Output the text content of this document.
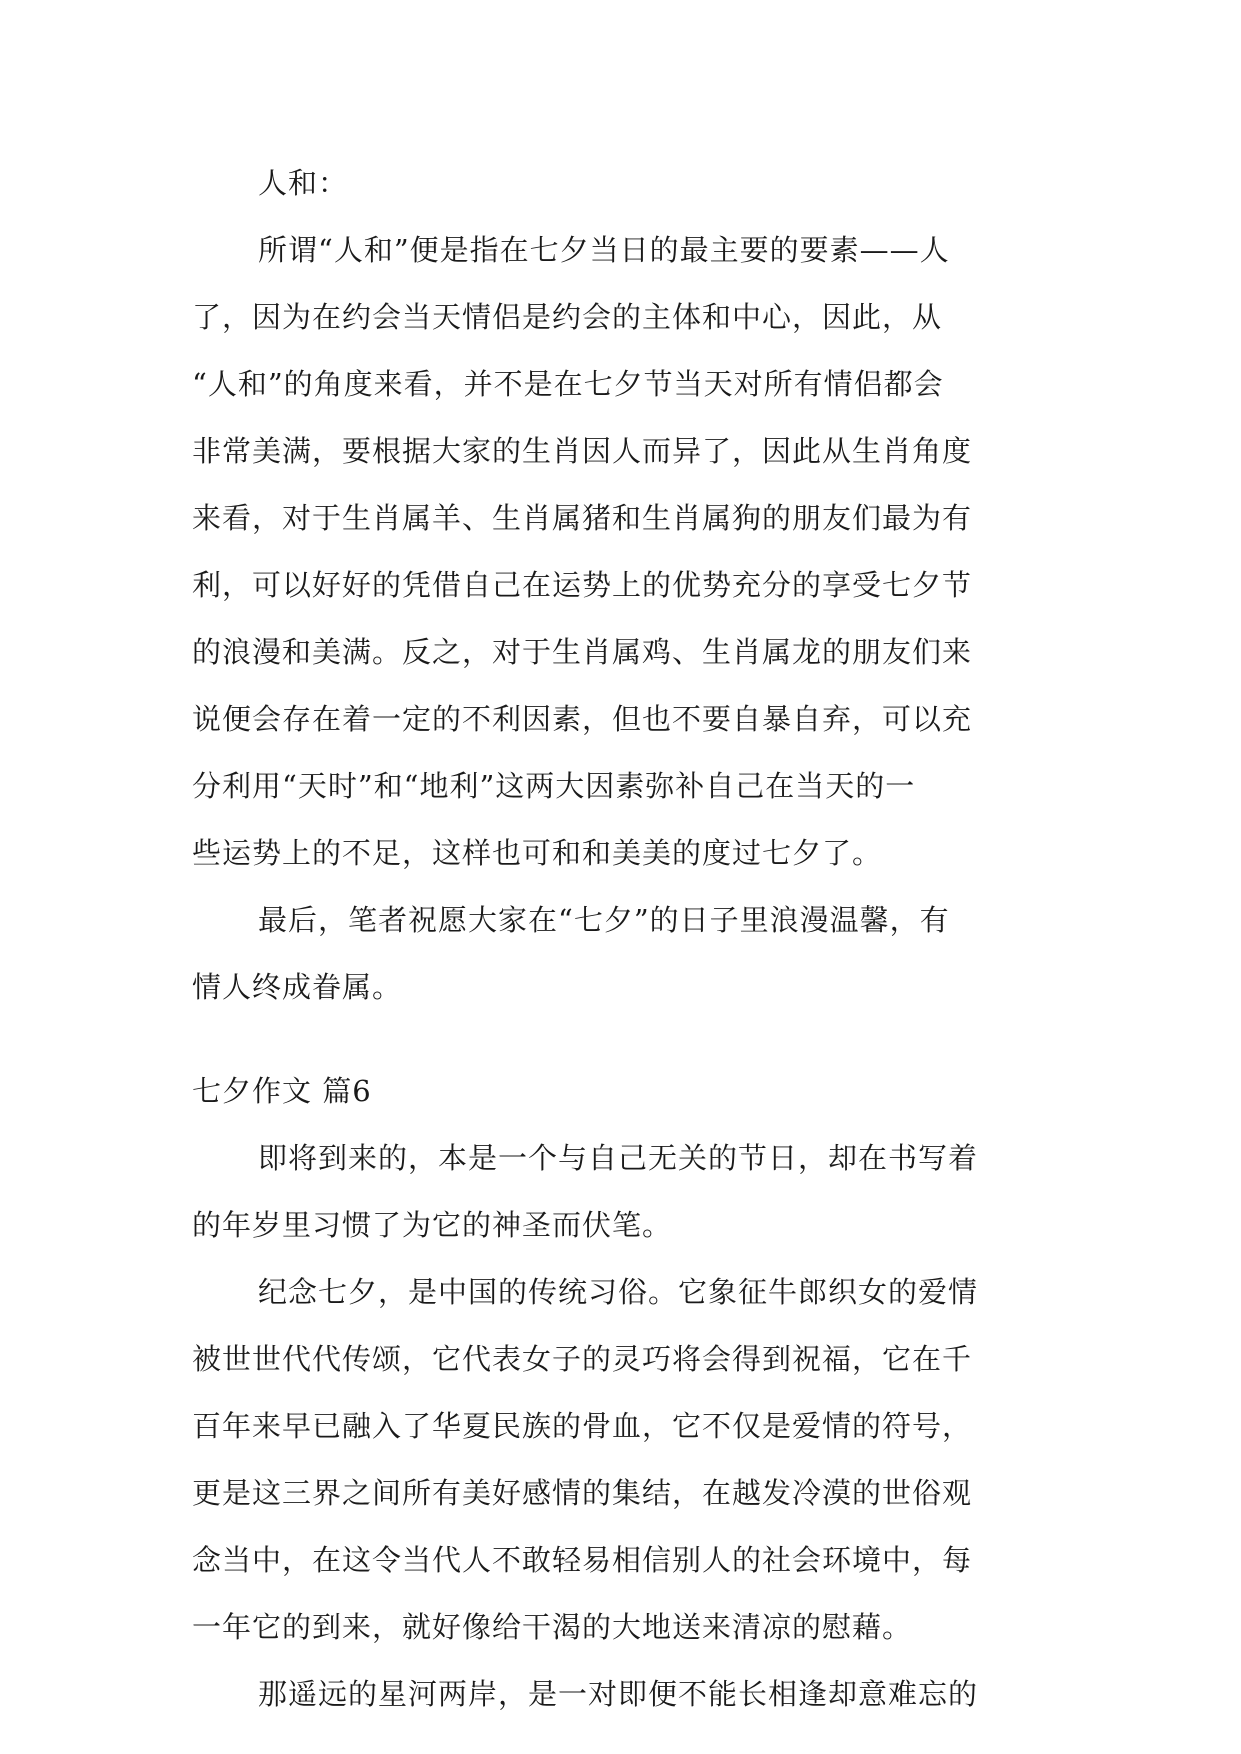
人和：
所谓“人和”便是指在七夕当日的最主要的要素——人
了，因为在约会当天情侣是约会的主体和中心，因此，从
“人和”的角度来看，并不是在七夕节当天对所有情侣都会
非常美满，要根据大家的生肖因人而异了，因此从生肖角度
来看，对于生肖属羊、生肖属猪和生肖属狗的朋友们最为有
利，可以好好的凭借自己在运势上的优势充分的享受七夕节
的浪漫和美满。反之，对于生肖属鸡、生肖属龙的朋友们来
说便会存在着一定的不利因素，但也不要自暴自弃，可以充
分利用“天时”和“地利”这两大因素弥补自己在当天的一
些运势上的不足，这样也可和和美美的度过七夕了。
最后，笔者祝愿大家在“七夕”的日子里浪漫温馨，有
情人终成眷属。
七夕作文 篇6
即将到来的，本是一个与自己无关的节日，却在书写着
的年岁里习惯了为它的神圣而伏笔。
纪念七夕，是中国的传统习俗。它象征牛郎织女的爱情
被世世代代传颂，它代表女子的灵巧将会得到祝福，它在千
百年来早已融入了华夏民族的骨血，它不仅是爱情的符号，
更是这三界之间所有美好感情的集结，在越发冷漠的世俗观
念当中，在这令当代人不敢轻易相信别人的社会环境中，每
一年它的到来，就好像给干渴的大地送来清凉的慰藉。
那遥远的星河两岸，是一对即便不能长相逢却意难忘的
